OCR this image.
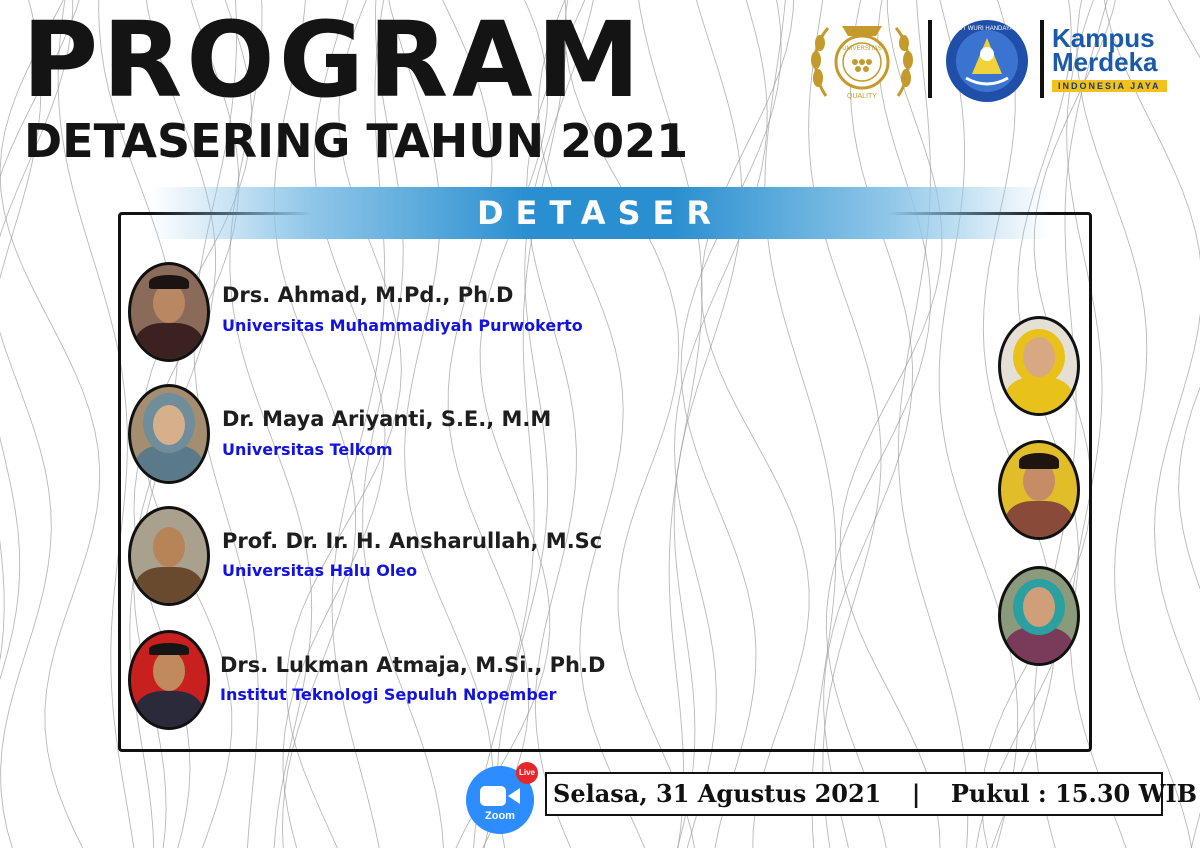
PROGRAM
DETASERING TAHUN 2021
UNIVERSITAS
QUALITY
TUT WURI HANDAYANI Kampus
Merdeka
INDONESIA JAYA
DETASER
Drs. Ahmad, M.Pd., Ph.D
Universitas Muhammadiyah Purwokerto
Dr. Maya Ariyanti, S.E., M.M
Universitas Telkom
Prof. Dr. Ir. H. Ansharullah, M.Sc
Universitas Halu Oleo
Drs. Lukman Atmaja, M.Si., Ph.D
Institut Teknologi Sepuluh Nopember
Zoom
Live
Selasa, 31 Agustus 2021 | Pukul : 15.30 WIB
